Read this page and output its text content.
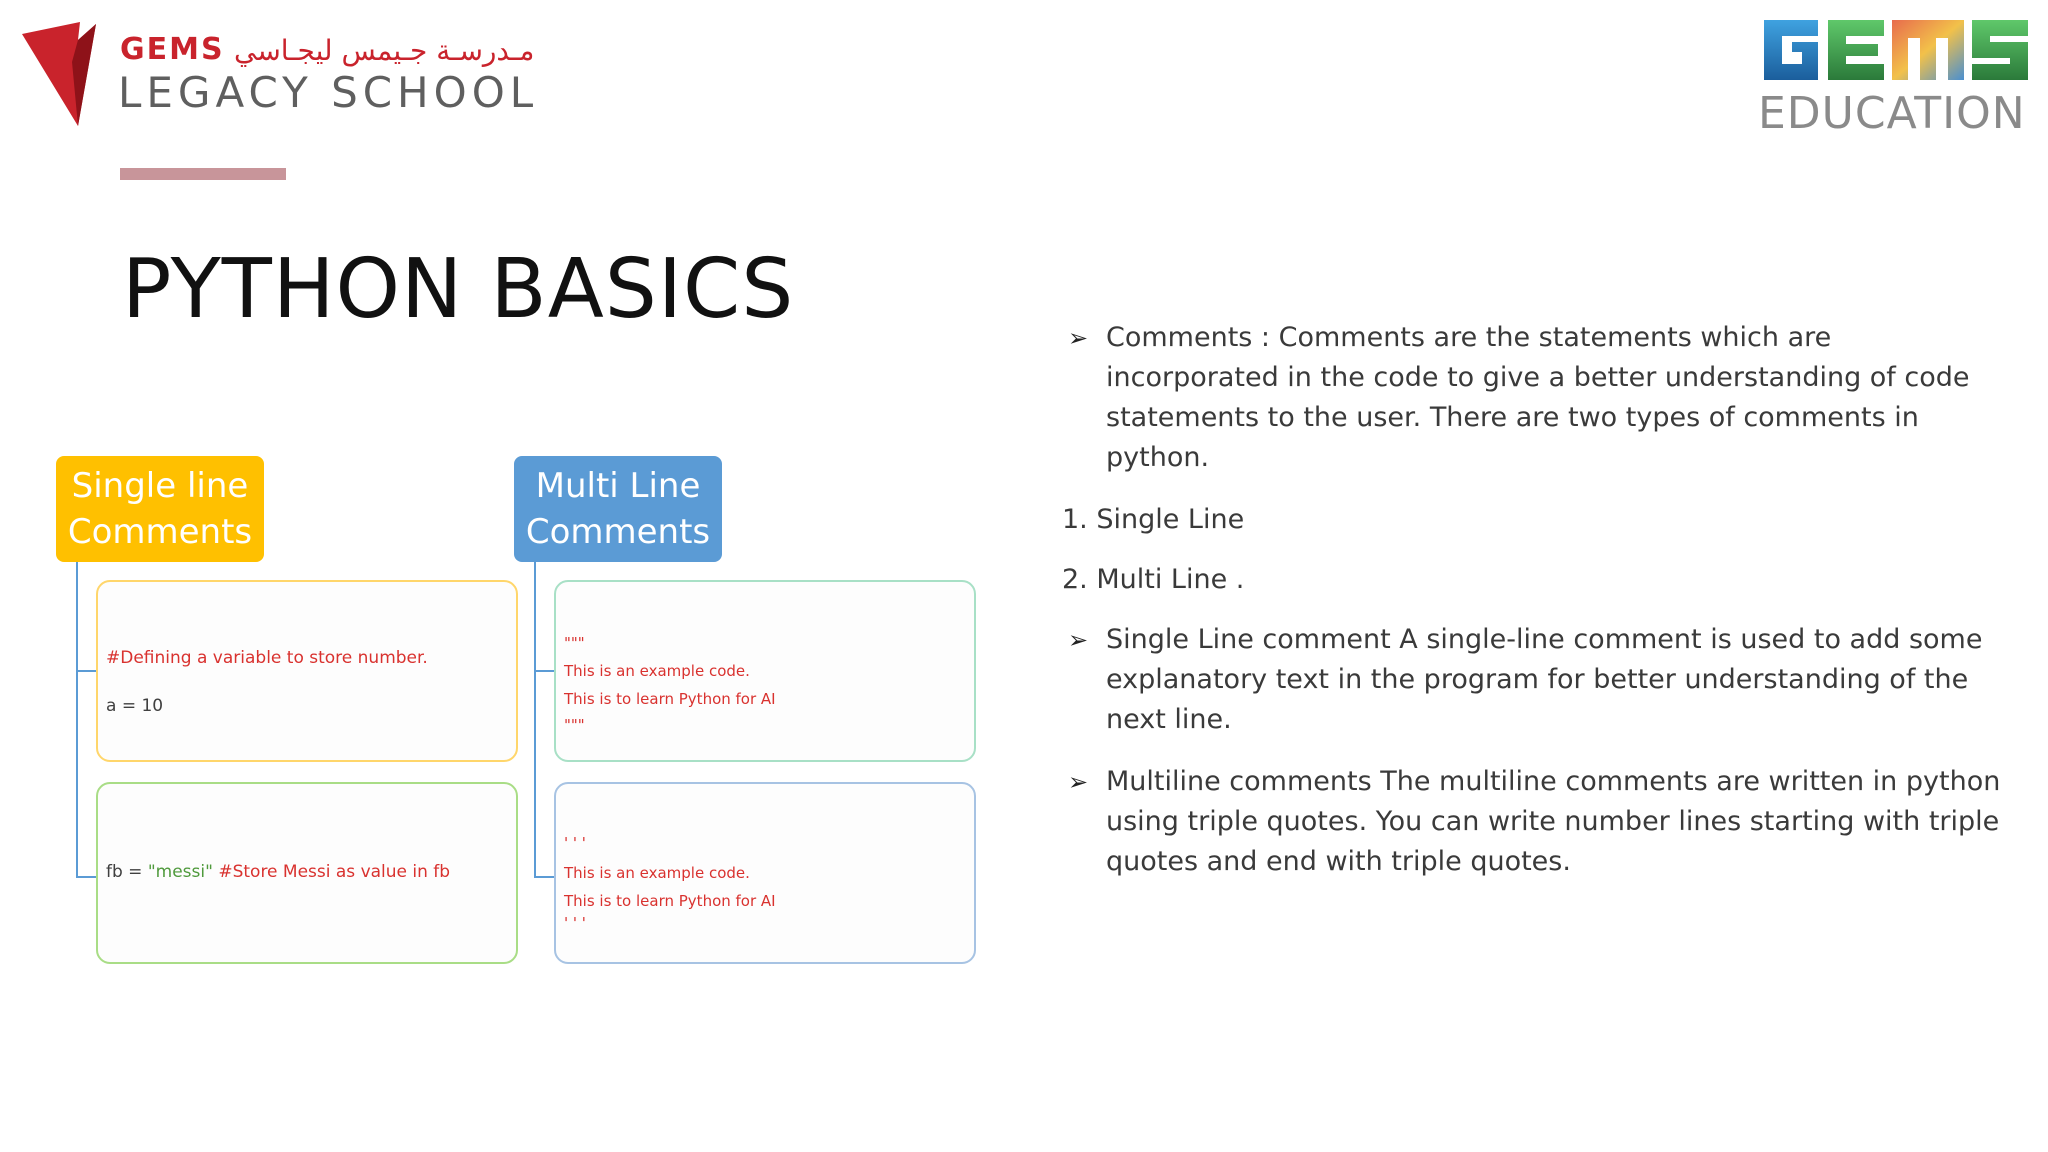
GEMS مـدرسـة جـيمس ليجـاسي
LEGACY SCHOOL	EDUCATION
PYTHON BASICS
Single line Comments
Multi Line Comments
#Defining a variable to store number.
a = 10
fb = "messi" #Store Messi as value in fb
"""
This is an example code.
This is to learn Python for AI
"""
' ' '
This is an example code.
This is to learn Python for AI
' ' '
➢ Comments : Comments are the statements which are incorporated in the code to give a better understanding of code statements to the user. There are two types of comments in python.
1. Single Line
2. Multi Line .
➢ Single Line comment A single-line comment is used to add some explanatory text in the program for better understanding of the next line.
➢ Multiline comments The multiline comments are written in python using triple quotes. You can write number lines starting with triple quotes and end with triple quotes.
